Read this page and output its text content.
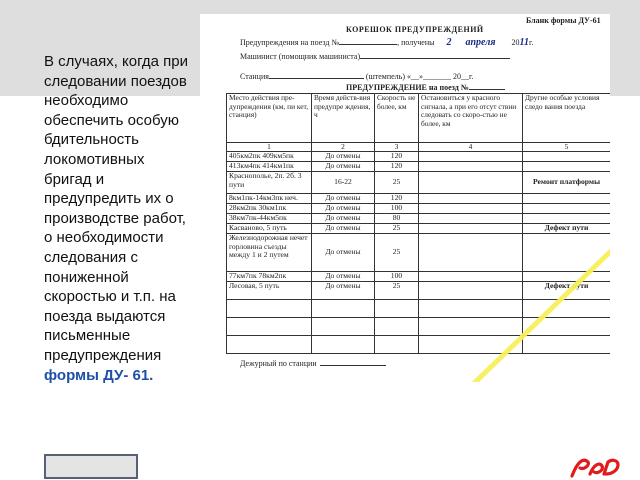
В случаях, когда при следовании поездов необходимо обеспечить особую бдительность локомотивных бригад и предупредить их о производстве работ, о необходимости следования с пониженной скоростью и т.п. на поезда выдаются письменные предупреждения формы ДУ- 61.
Бланк формы ДУ-61
КОРЕШОК ПРЕДУПРЕЖДЕНИЙ
Предупреждения на поезд №	, получены 2 апреля 2011г.
Машинист (помощник машиниста)
Станция	(штемпель) «__»_______ 20__г.
ПРЕДУПРЕЖДЕНИЕ на поезд №
Место действия пре-дупреждения (км, пи кет, станция)	Время действ-вия предупре ждения, ч	Скорость не более, км	Остановиться у красного сигнала, а при его отсут ствии следовать со скоро-стью не более, км	Другие особые условия следо вания поезда
1	2	3	4	5
405км2пк 409км5пк	До отмены	120		
413км4пк 414км1пк	До отмены	120		
Краснополье, 2п. 2б. 3 пути	16-22	25		Ремонт платформы
8км1пк-14км3пк неч.	До отмены	120		
28км2пк 30км1пк	До отмены	100		
38км7пк-44км5пк	До отмены	80		
Касваново, 5 путь	До отмены	25		Дефект пути
Железнодорожная нечет горловина съезды между 1 и 2 путем	До отмены	25		
77км7пк 78км2пк	До отмены	100		
Лесовая, 5 путь	До отмены	25		Дефект пути

Дежурный по станции
